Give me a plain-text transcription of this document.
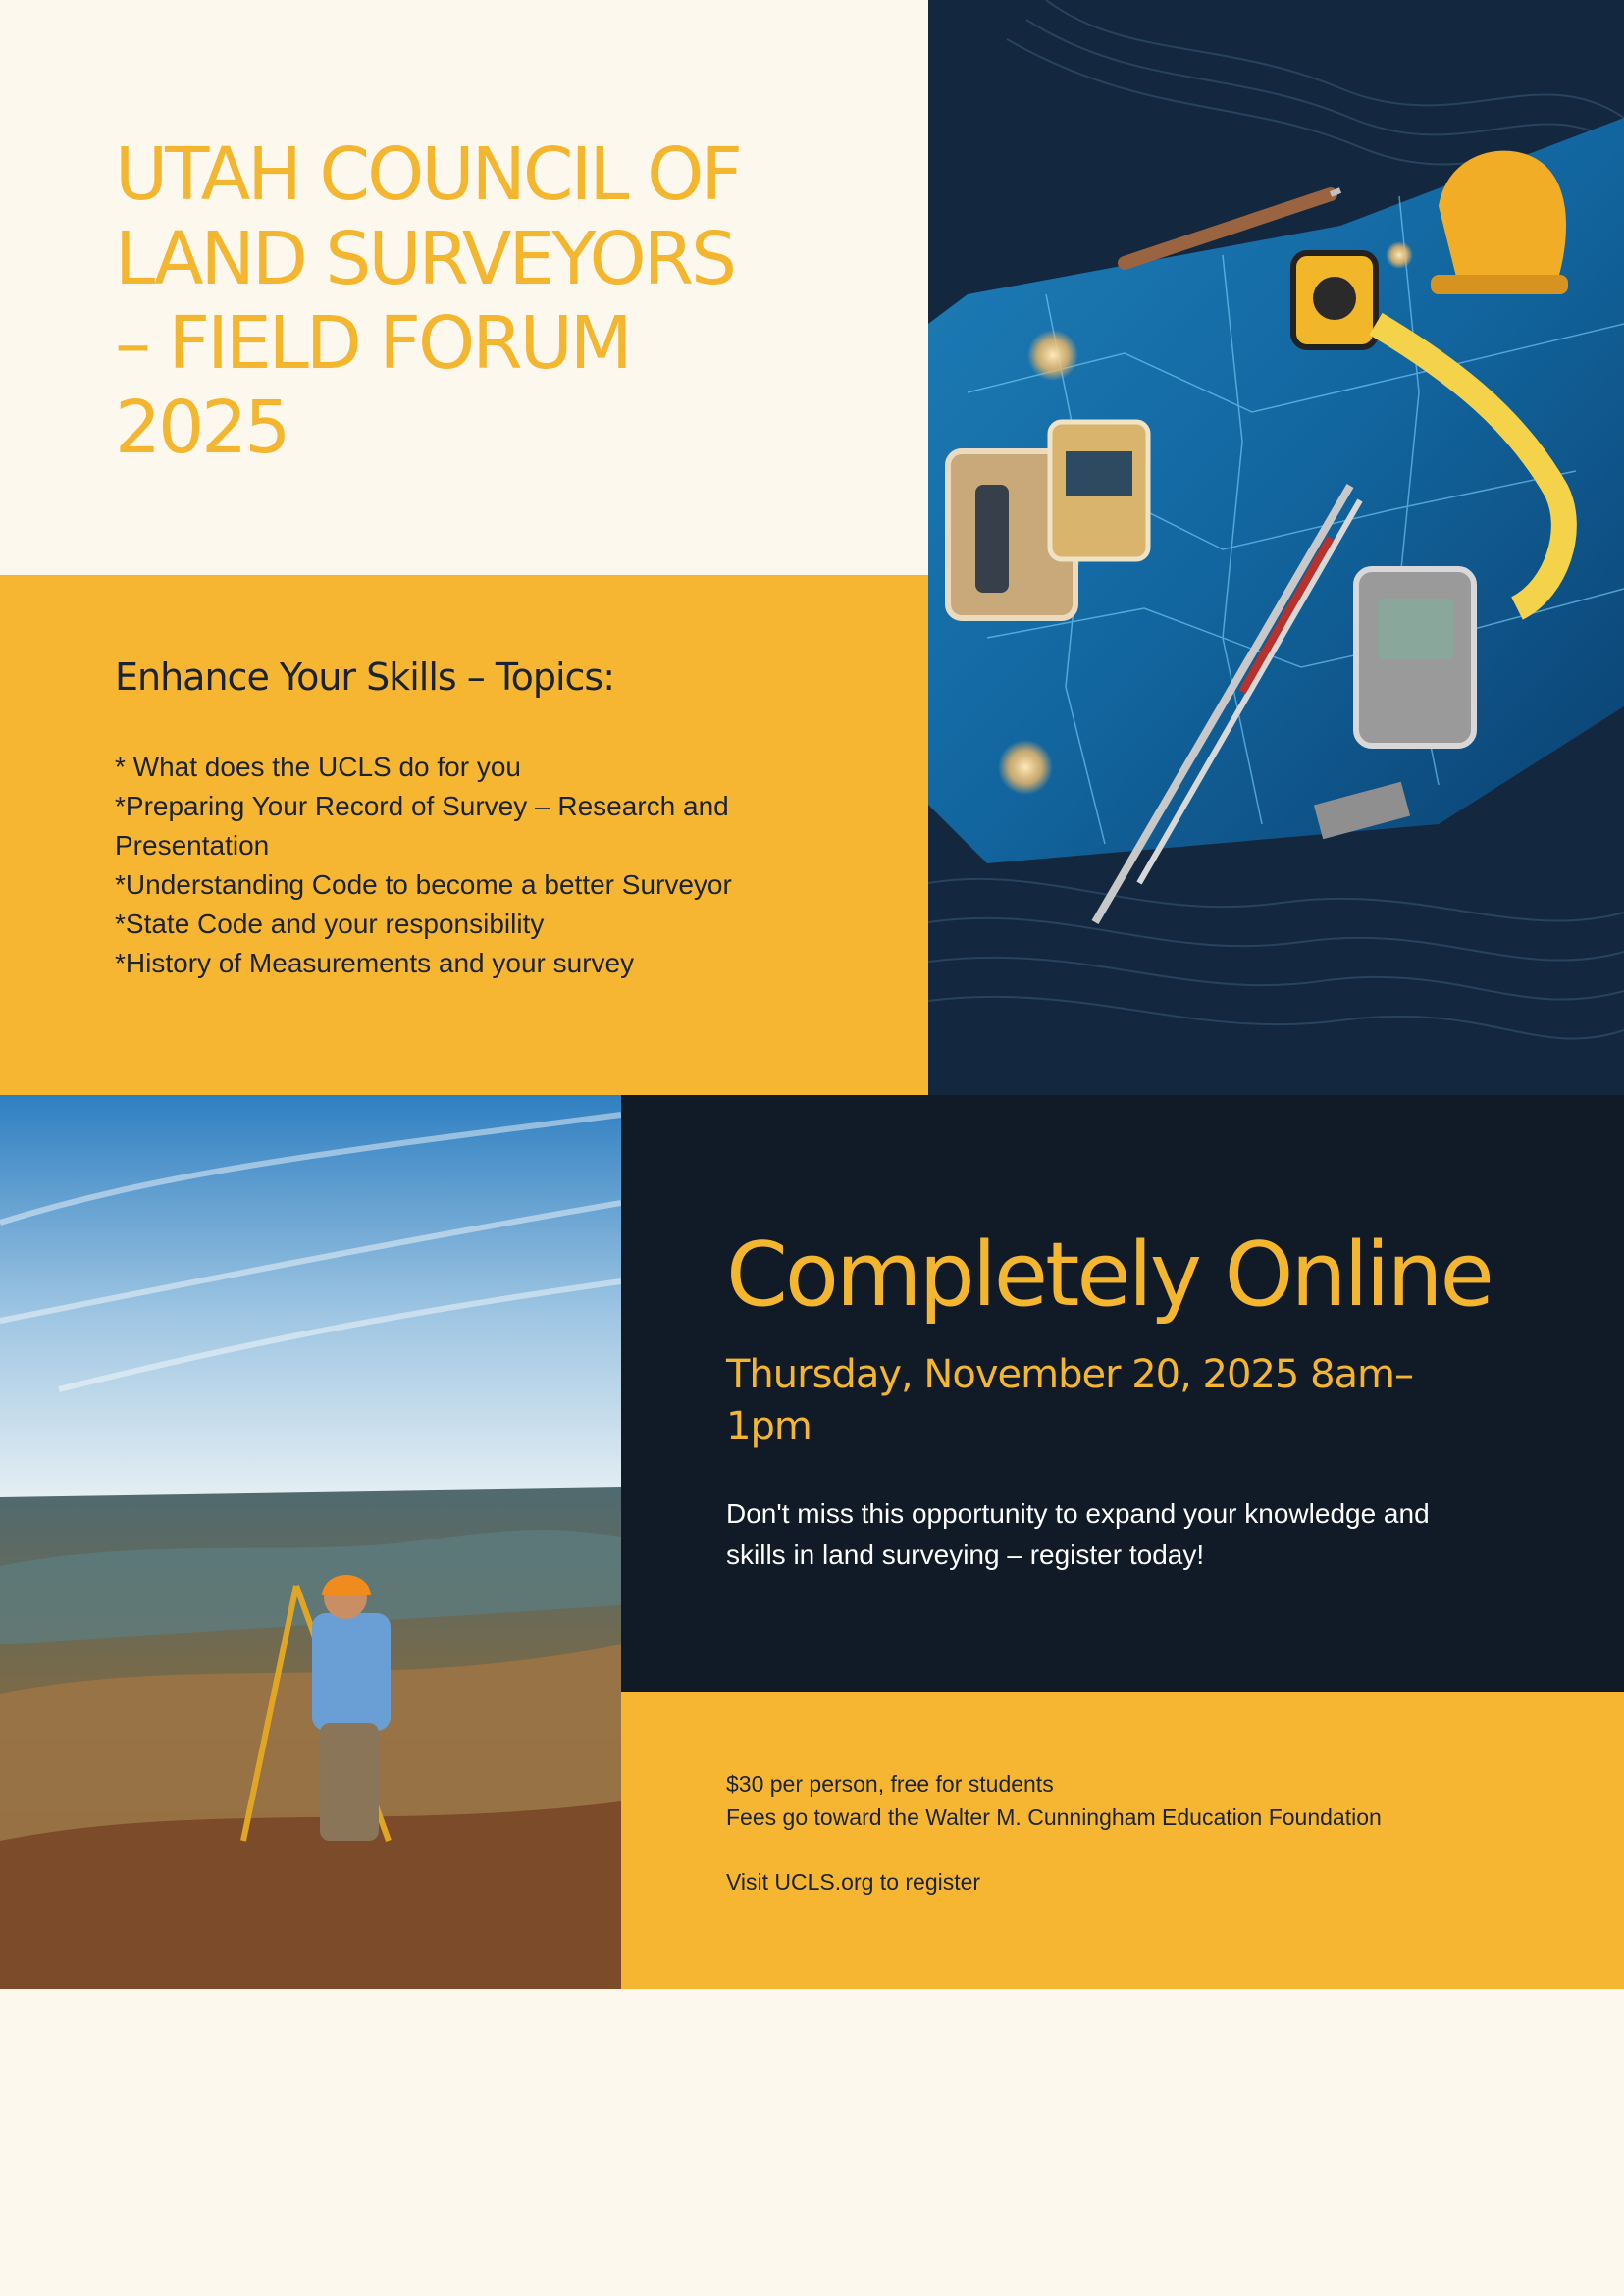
UTAH COUNCIL OF
LAND SURVEYORS
– FIELD FORUM
2025
Enhance Your Skills – Topics:
* What does the UCLS do for you
*Preparing Your Record of Survey – Research and
Presentation
*Understanding Code to become a better Surveyor
*State Code and your responsibility
*History of Measurements and your survey
Completely Online

Thursday, November 20, 2025 8am–
1pm

Don't miss this opportunity to expand your knowledge and
skills in land surveying – register today!

$30 per person, free for students

Fees go toward the Walter M. Cunningham Education Foundation

Visit UCLS.org to register
